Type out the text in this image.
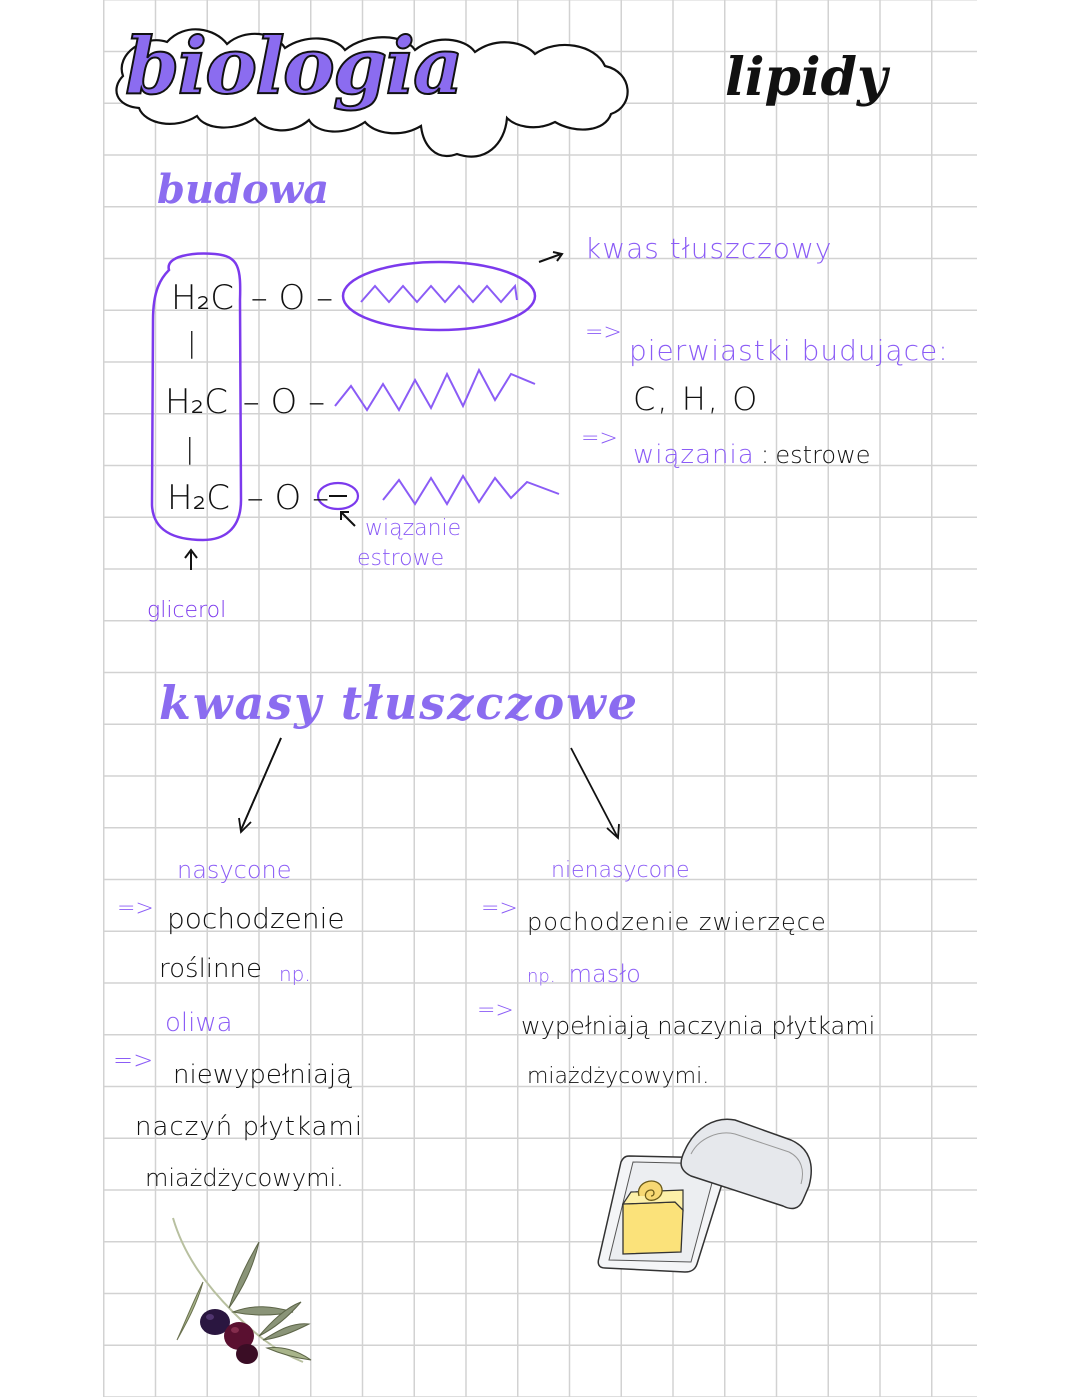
biologia	lipidy
budowa
H₂C – O –
|
H₂C – O –
|
H₂C – O –
kwas tłuszczowy
wiązanie
estrowe
glicerol
=>
pierwiastki budujące:
C, H, O
=>
wiązania : estrowe
kwasy tłuszczowe
nasycone
=> pochodzenie
roślinne np.
oliwa
=> niewypełniają
naczyń płytkami
miażdżycowymi.
nienasycone
=> pochodzenie zwierzęce
np. masło
=>
wypełniają naczynia płytkami
miażdżycowymi.
